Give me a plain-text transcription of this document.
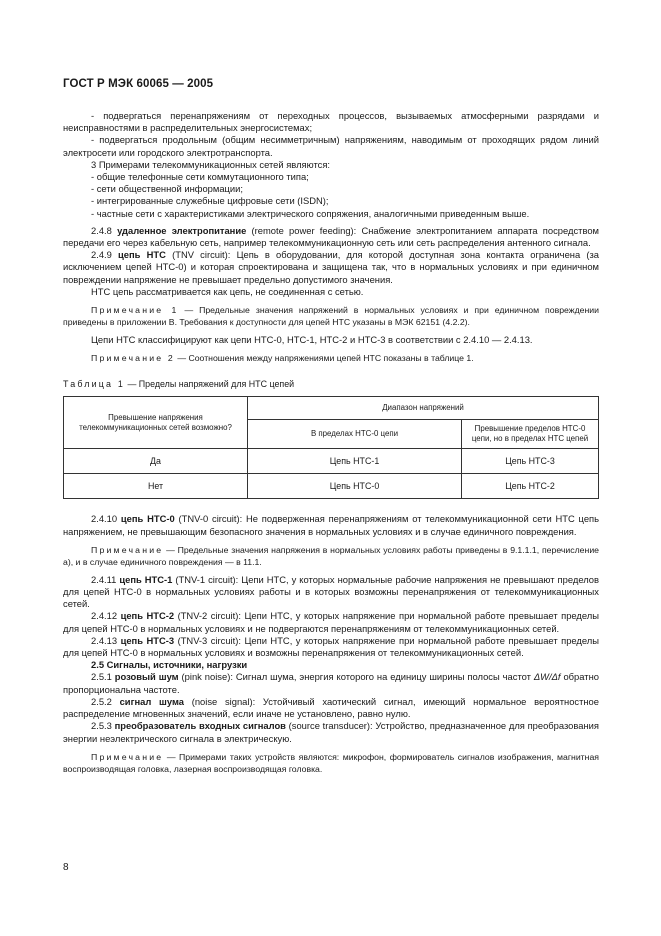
ГОСТ Р МЭК 60065 — 2005

- подвергаться перенапряжениям от переходных процессов, вызываемых атмосферными разрядами и неисправностями в распределительных энергосистемах;

- подвергаться продольным (общим несимметричным) напряжениям, наводимым от проходящих рядом линий электросети или городского электротранспорта.

3 Примерами телекоммуникационных сетей являются:

- общие телефонные сети коммутационного типа;

- сети общественной информации;

- интегрированные служебные цифровые сети (ISDN);

- частные сети с характеристиками электрического сопряжения, аналогичными приведенным выше.

2.4.8 удаленное электропитание (remote power feeding): Снабжение электропитанием аппарата посредством передачи его через кабельную сеть, например телекоммуникационную сеть или сеть распределения антенного сигнала.

2.4.9 цепь НТС (TNV circuit): Цепь в оборудовании, для которой доступная зона контакта ограничена (за исключением цепей НТС-0) и которая спроектирована и защищена так, что в нормальных условиях и при единичном повреждении напряжение не превышает предельно допустимого значения.

НТС цепь рассматривается как цепь, не соединенная с сетью.

Примечание 1 — Предельные значения напряжений в нормальных условиях и при единичном повреждении приведены в приложении В. Требования к доступности для цепей НТС указаны в МЭК 62151 (4.2.2).

Цепи НТС классифицируют как цепи НТС-0, НТС-1, НТС-2 и НТС-3 в соответствии с 2.4.10 — 2.4.13.

Примечание 2 — Соотношения между напряжениями цепей НТС показаны в таблице 1.

Таблица 1 — Пределы напряжений для НТС цепей

Превышение напряжения телекоммуникационных сетей возможно?	Диапазон напряжений	
	В пределах НТС-0 цепи	Превышение пределов НТС-0 цепи, но в пределах НТС цепей
Да	Цепь НТС-1	Цепь НТС-3
Нет	Цепь НТС-0	Цепь НТС-2

2.4.10 цепь НТС-0 (TNV-0 circuit): Не подверженная перенапряжениям от телекоммуникационной сети НТС цепь напряжением, не превышающим безопасного значения в нормальных условиях и в случае единичного повреждения.

Примечание — Предельные значения напряжения в нормальных условиях работы приведены в 9.1.1.1, перечисление а), и в случае единичного повреждения — в 11.1.

2.4.11 цепь НТС-1 (TNV-1 circuit): Цепи НТС, у которых нормальные рабочие напряжения не превышают пределов для цепей НТС-0 в нормальных условиях работы и в которых возможны перенапряжения от телекоммуникационных сетей.

2.4.12 цепь НТС-2 (TNV-2 circuit): Цепи НТС, у которых напряжение при нормальной работе превышает пределы для цепей НТС-0 в нормальных условиях и не подвергаются перенапряжениям от телекоммуникационных сетей.

2.4.13 цепь НТС-3 (TNV-3 circuit): Цепи НТС, у которых напряжение при нормальной работе превышает пределы для цепей НТС-0 в нормальных условиях и возможны перенапряжения от телекоммуникационных сетей.

2.5 Сигналы, источники, нагрузки

2.5.1 розовый шум (pink noise): Сигнал шума, энергия которого на единицу ширины полосы частот ΔW/Δf обратно пропорциональна частоте.

2.5.2 сигнал шума (noise signal): Устойчивый хаотический сигнал, имеющий нормальное вероятностное распределение мгновенных значений, если иначе не установлено, равно нулю.

2.5.3 преобразователь входных сигналов (source transducer): Устройство, предназначенное для преобразования энергии неэлектрического сигнала в электрическую.

Примечание — Примерами таких устройств являются: микрофон, формирователь сигналов изображения, магнитная воспроизводящая головка, лазерная воспроизводящая головка.

8
